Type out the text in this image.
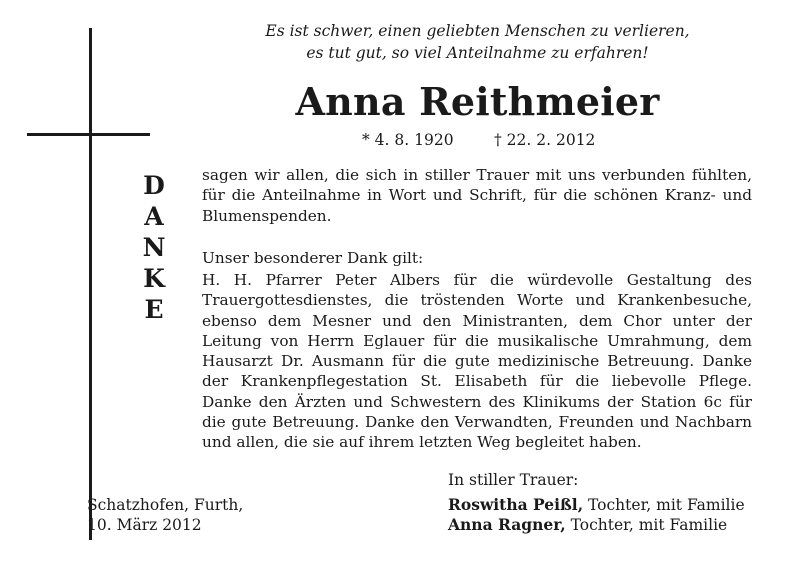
Es ist schwer, einen geliebten Menschen zu verlieren,
es tut gut, so viel Anteilnahme zu erfahren!
Anna Reithmeier
* 4. 8. 1920	† 22. 2. 2012
D
A
N
K
E
sagen wir allen, die sich in stiller Trauer mit uns verbunden fühlten, für die Anteilnahme in Wort und Schrift, für die schönen Kranz- und Blumenspenden.
Unser besonderer Dank gilt:
H. H. Pfarrer Peter Albers für die würdevolle Gestaltung des Trauergottesdienstes, die tröstenden Worte und Krankenbesuche, ebenso dem Mesner und den Ministranten, dem Chor unter der Leitung von Herrn Eglauer für die musikalische Umrahmung, dem Hausarzt Dr. Ausmann für die gute medizinische Betreuung. Danke der Krankenpflegestation St. Elisabeth für die liebevolle Pflege. Danke den Ärzten und Schwestern des Klinikums der Station 6c für die gute Betreuung. Danke den Verwandten, Freunden und Nachbarn und allen, die sie auf ihrem letzten Weg begleitet haben.
In stiller Trauer:
Schatzhofen, Furth,
10. März 2012
Roswitha Peißl, Tochter, mit Familie
Anna Ragner, Tochter, mit Familie
